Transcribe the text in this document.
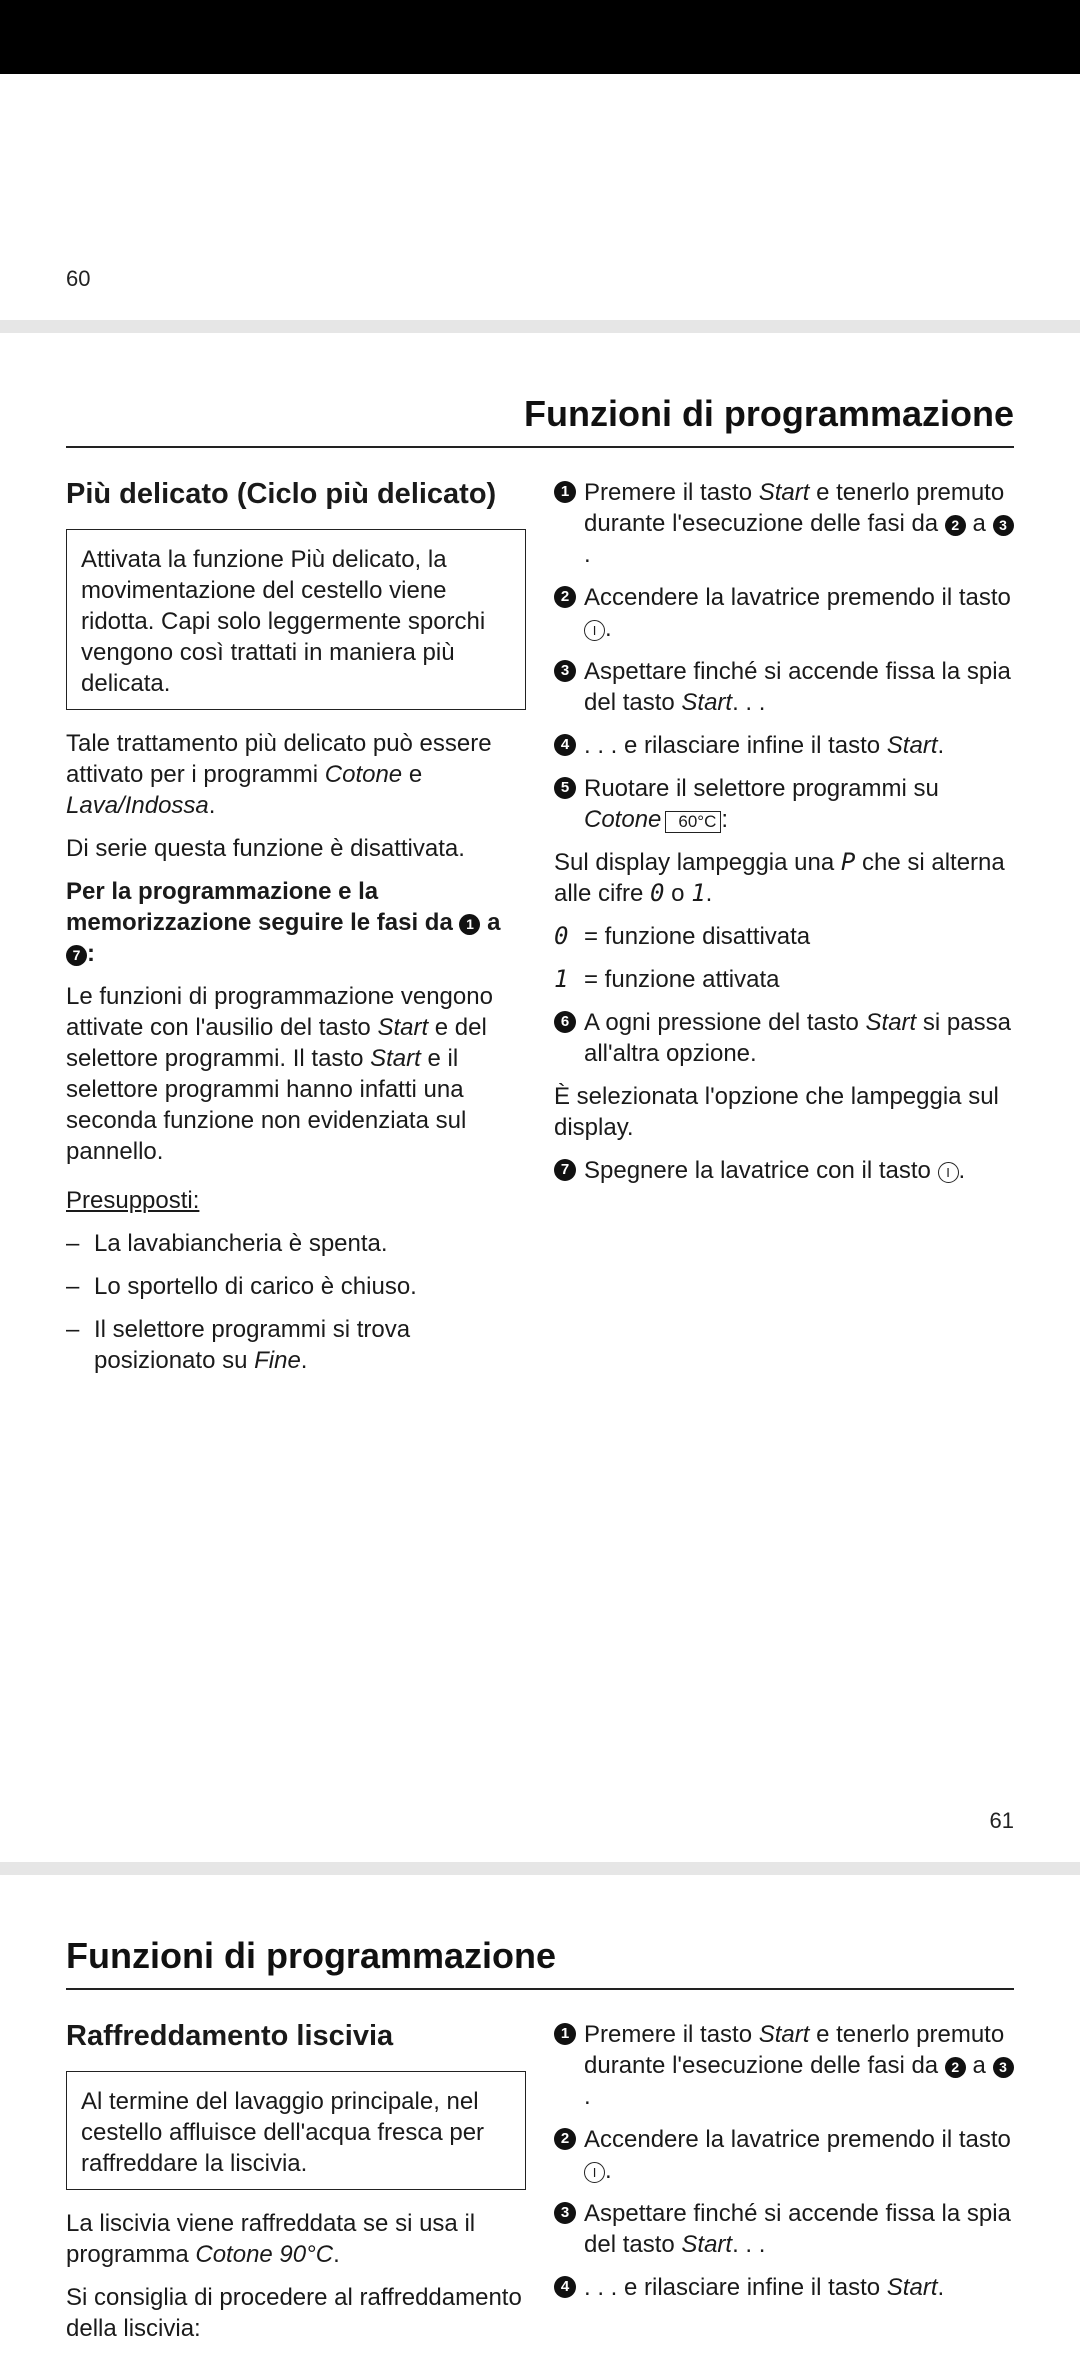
60
Funzioni di programmazione
Più delicato (Ciclo più delicato)

Attivata la funzione Più delicato, la movimentazione del cestello viene ridotta. Capi solo leggermente sporchi vengono così trattati in maniera più delicata.

Tale trattamento più delicato può essere attivato per i programmi Cotone e Lava/Indossa.

Di serie questa funzione è disattivata.

Per la programmazione e la memorizzazione seguire le fasi da 1 a 7 :

Le funzioni di programmazione vengono attivate con l'ausilio del tasto Start e del selettore programmi. Il tasto Start e il selettore programmi hanno infatti una seconda funzione non evidenziata sul pannello.

Presupposti:

– La lavabiancheria è spenta.

– Lo sportello di carico è chiuso.

– Il selettore programmi si trova posizionato su Fine.

1 Premere il tasto Start e tenerlo premuto durante l'esecuzione delle fasi da 2 a 3.

2 Accendere la lavatrice premendo il tasto I .

3 Aspettare finché si accende fissa la spia del tasto Start. . .

4 . . . e rilasciare infine il tasto Start.

5 Ruotare il selettore programmi su Cotone 60°C :

Sul display lampeggia una P che si alterna alle cifre 0 o 1.

0 = funzione disattivata

1 = funzione attivata

6 A ogni pressione del tasto Start si passa all'altra opzione.

È selezionata l'opzione che lampeggia sul display.

7 Spegnere la lavatrice con il tasto I .

61
Funzioni di programmazione
Raffreddamento liscivia

Al termine del lavaggio principale, nel cestello affluisce dell'acqua fresca per raffreddare la liscivia.

La liscivia viene raffreddata se si usa il programma Cotone 90°C.

Si consiglia di procedere al raffreddamento della liscivia:

1 Premere il tasto Start e tenerlo premuto durante l'esecuzione delle fasi da 2 a 3.

2 Accendere la lavatrice premendo il tasto I .

3 Aspettare finché si accende fissa la spia del tasto Start. . .

4 . . . e rilasciare infine il tasto Start.
